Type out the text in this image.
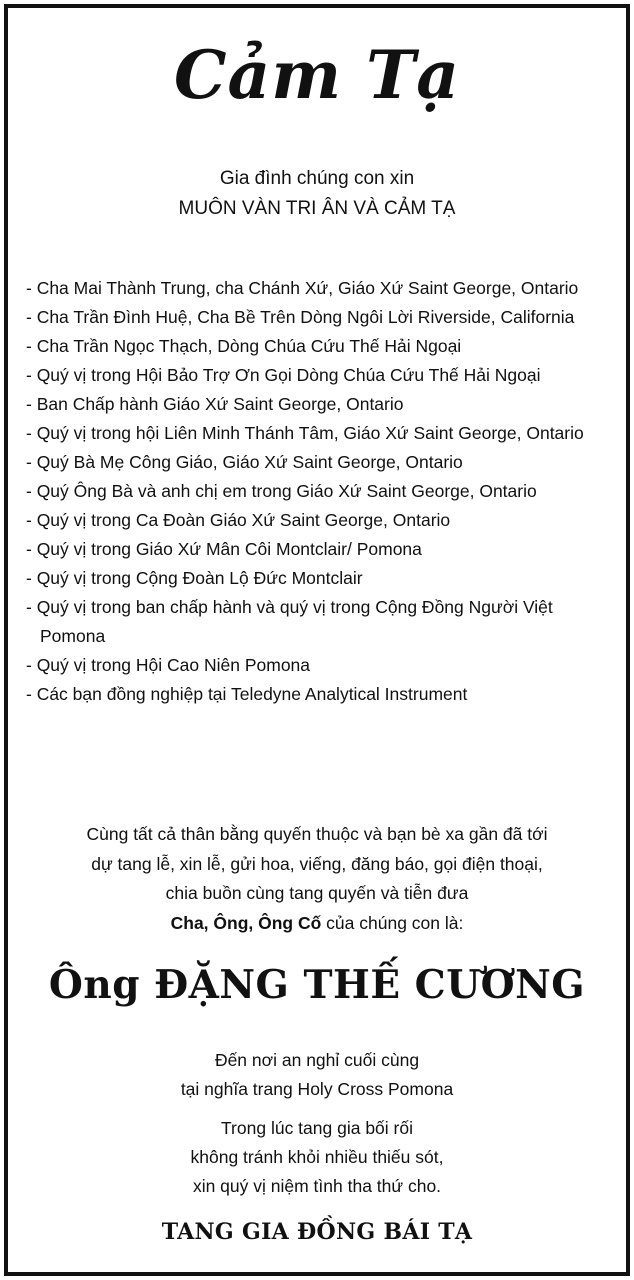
Cảm Tạ
Gia đình chúng con xin
MUÔN VÀN TRI ÂN VÀ CẢM TẠ
- Cha Mai Thành Trung, cha Chánh Xứ, Giáo Xứ Saint George, Ontario
- Cha Trần Đình Huệ, Cha Bề Trên Dòng Ngôi Lời Riverside, California
- Cha Trần Ngọc Thạch, Dòng Chúa Cứu Thế Hải Ngoại
- Quý vị trong Hội Bảo Trợ Ơn Gọi Dòng Chúa Cứu Thế Hải Ngoại
- Ban Chấp hành Giáo Xứ Saint George, Ontario
- Quý vị trong hội Liên Minh Thánh Tâm, Giáo Xứ Saint George, Ontario
- Quý Bà Mẹ Công Giáo, Giáo Xứ Saint George, Ontario
- Quý Ông Bà và anh chị em trong Giáo Xứ Saint George, Ontario
- Quý vị trong Ca Đoàn Giáo Xứ Saint George, Ontario
- Quý vị trong Giáo Xứ Mân Côi Montclair/ Pomona
- Quý vị trong Cộng Đoàn Lộ Đức Montclair
- Quý vị trong ban chấp hành và quý vị trong Cộng Đồng Người Việt Pomona
- Quý vị trong Hội Cao Niên Pomona
- Các bạn đồng nghiệp tại Teledyne Analytical Instrument
Cùng tất cả thân bằng quyến thuộc và bạn bè xa gần đã tới
dự tang lễ, xin lễ, gửi hoa, viếng, đăng báo, gọi điện thoại,
chia buồn cùng tang quyến và tiễn đưa
Cha, Ông, Ông Cố của chúng con là:
Ông ĐẶNG THẾ CƯƠNG
Đến nơi an nghỉ cuối cùng
tại nghĩa trang Holy Cross Pomona
Trong lúc tang gia bối rối
không tránh khỏi nhiều thiếu sót,
xin quý vị niệm tình tha thứ cho.
TANG GIA ĐỒNG BÁI TẠ
